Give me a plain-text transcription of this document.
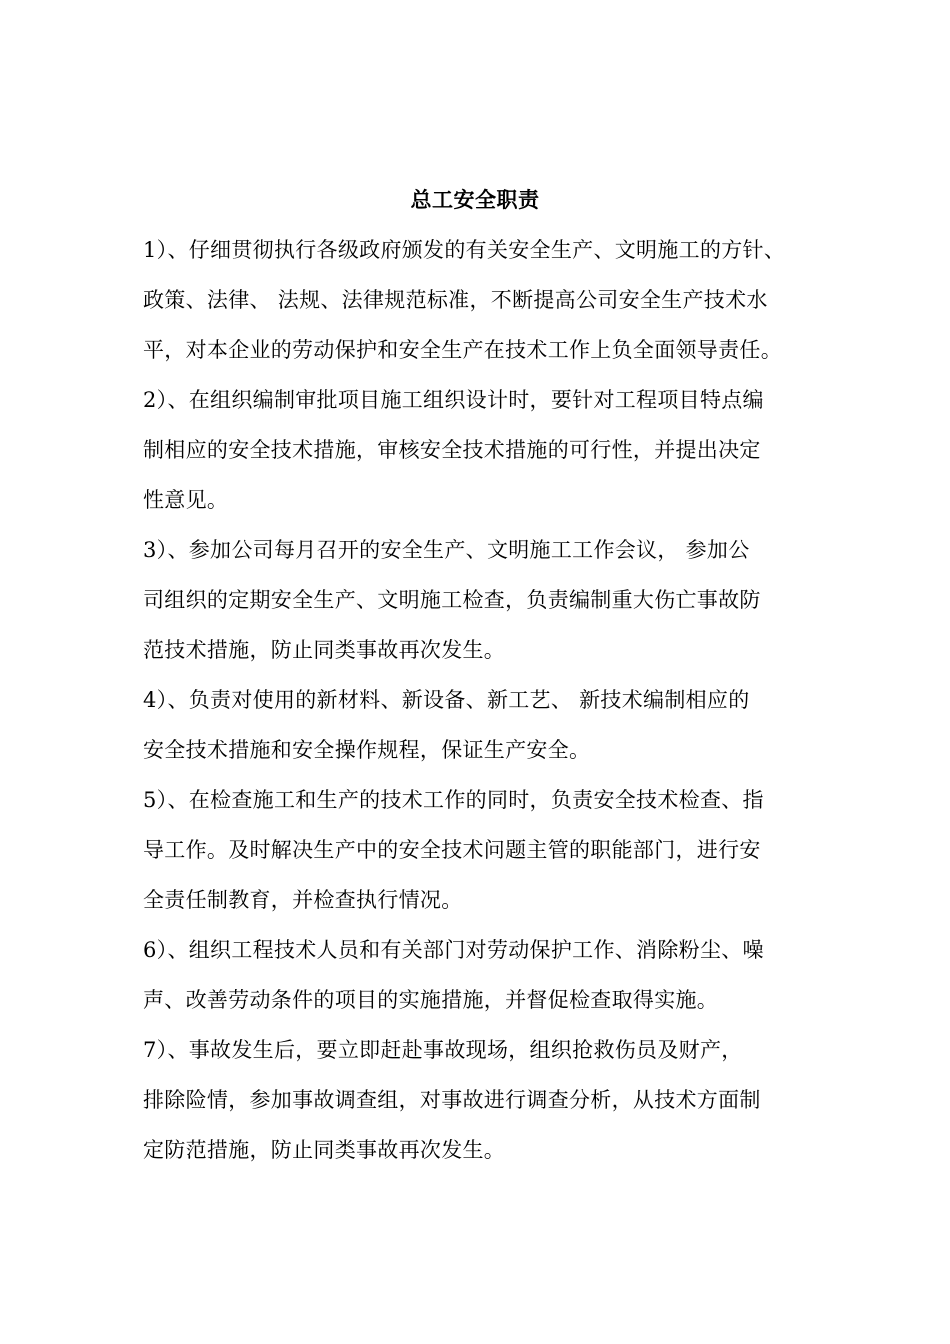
总工安全职责
1）、仔细贯彻执行各级政府颁发的有关安全生产、文明施工的方针、
政策、法律、 法规、法律规范标准，不断提高公司安全生产技术水
平，对本企业的劳动保护和安全生产在技术工作上负全面领导责任。
2）、在组织编制审批项目施工组织设计时，要针对工程项目特点编
制相应的安全技术措施，审核安全技术措施的可行性，并提出决定
性意见。
3）、参加公司每月召开的安全生产、文明施工工作会议， 参加公
司组织的定期安全生产、文明施工检查，负责编制重大伤亡事故防
范技术措施，防止同类事故再次发生。
4）、负责对使用的新材料、新设备、新工艺、 新技术编制相应的
安全技术措施和安全操作规程，保证生产安全。
5）、在检查施工和生产的技术工作的同时，负责安全技术检查、指
导工作。及时解决生产中的安全技术问题主管的职能部门，进行安
全责任制教育，并检查执行情况。
6）、组织工程技术人员和有关部门对劳动保护工作、消除粉尘、噪
声、改善劳动条件的项目的实施措施，并督促检查取得实施。
7）、事故发生后，要立即赶赴事故现场，组织抢救伤员及财产，
排除险情，参加事故调查组，对事故进行调查分析，从技术方面制
定防范措施，防止同类事故再次发生。
